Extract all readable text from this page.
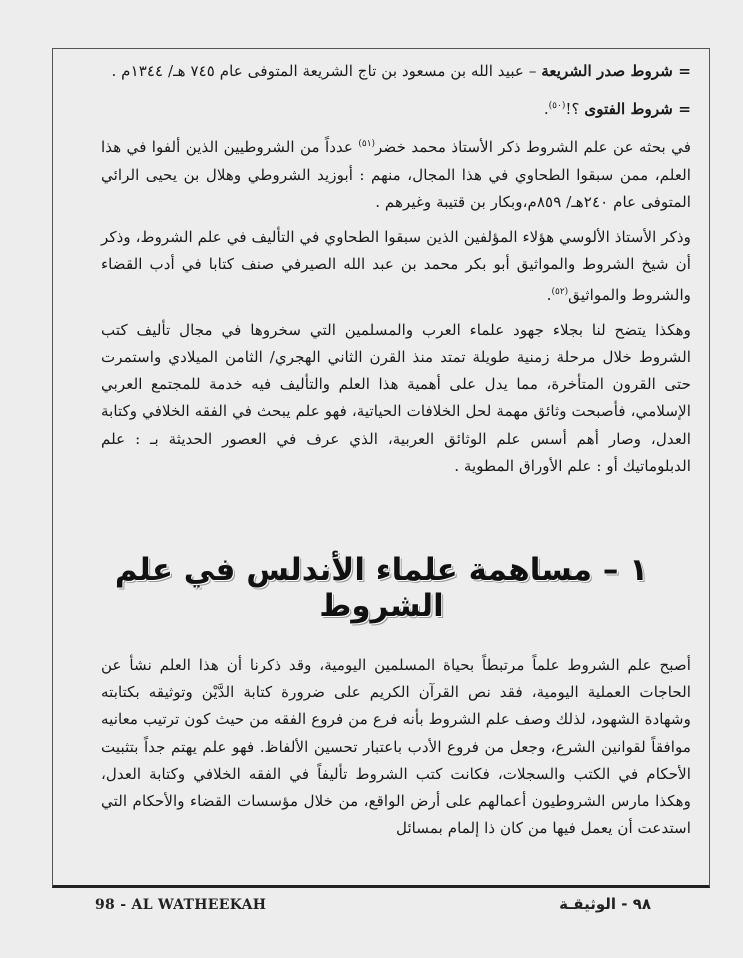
= شروط صدر الشريعة – عبيد الله بن مسعود بن تاج الشريعة المتوفى عام ٧٤٥ هـ/ ١٣٤٤م .

= شروط الفتوى ؟!$^{(٥٠)}$.

في بحثه عن علم الشروط ذكر الأستاذ محمد خضر$^{(٥١)}$ عدداً من الشروطيين الذين ألفوا في هذا العلم، ممن سبقوا الطحاوي في هذا المجال، منهم : أبوزيد الشروطي وهلال بن يحيى الرائي المتوفى عام ٢٤٠هـ/ ٨٥٩م،وبكار بن قتيبة وغيرهم .

وذكر الأستاذ الألوسي هؤلاء المؤلفين الذين سبقوا الطحاوي في التأليف في علم الشروط، وذكر أن شيخ الشروط والمواثيق أبو بكر محمد بن عبد الله الصيرفي صنف كتابا في أدب القضاء والشروط والمواثيق$^{(٥٢)}$.

وهكذا يتضح لنا بجلاء جهود علماء العرب والمسلمين التي سخروها في مجال تأليف كتب الشروط خلال مرحلة زمنية طويلة تمتد منذ القرن الثاني الهجري/ الثامن الميلادي واستمرت حتى القرون المتأخرة، مما يدل على أهمية هذا العلم والتأليف فيه خدمة للمجتمع العربي الإسلامي، فأصبحت وثائق مهمة لحل الخلافات الحياتية، فهو علم يبحث في الفقه الخلافي وكتابة العدل، وصار أهم أسس علم الوثائق العربية، الذي عرف في العصور الحديثة بـ : علم الدبلوماتيك أو : علم الأوراق المطوية .

١ – مساهمة علماء الأندلس في علم الشروط

أصبح علم الشروط علماً مرتبطاً بحياة المسلمين اليومية، وقد ذكرنا أن هذا العلم نشأ عن الحاجات العملية اليومية، فقد نص القرآن الكريم على ضرورة كتابة الدَّيْن وتوثيقه بكتابته وشهادة الشهود، لذلك وصف علم الشروط بأنه فرع من فروع الفقه من حيث كون ترتيب معانيه موافقاً لقوانين الشرع، وجعل من فروع الأدب باعتبار تحسين الألفاظ. فهو علم يهتم جداً بتثبيت الأحكام في الكتب والسجلات، فكانت كتب الشروط تأليفاً في الفقه الخلافي وكتابة العدل، وهكذا مارس الشروطيون أعمالهم على أرض الواقع، من خلال مؤسسات القضاء والأحكام التي استدعت أن يعمل فيها من كان ذا إلمام بمسائل

98 - AL WATHEEKAH	٩٨ - الوثيقـة
